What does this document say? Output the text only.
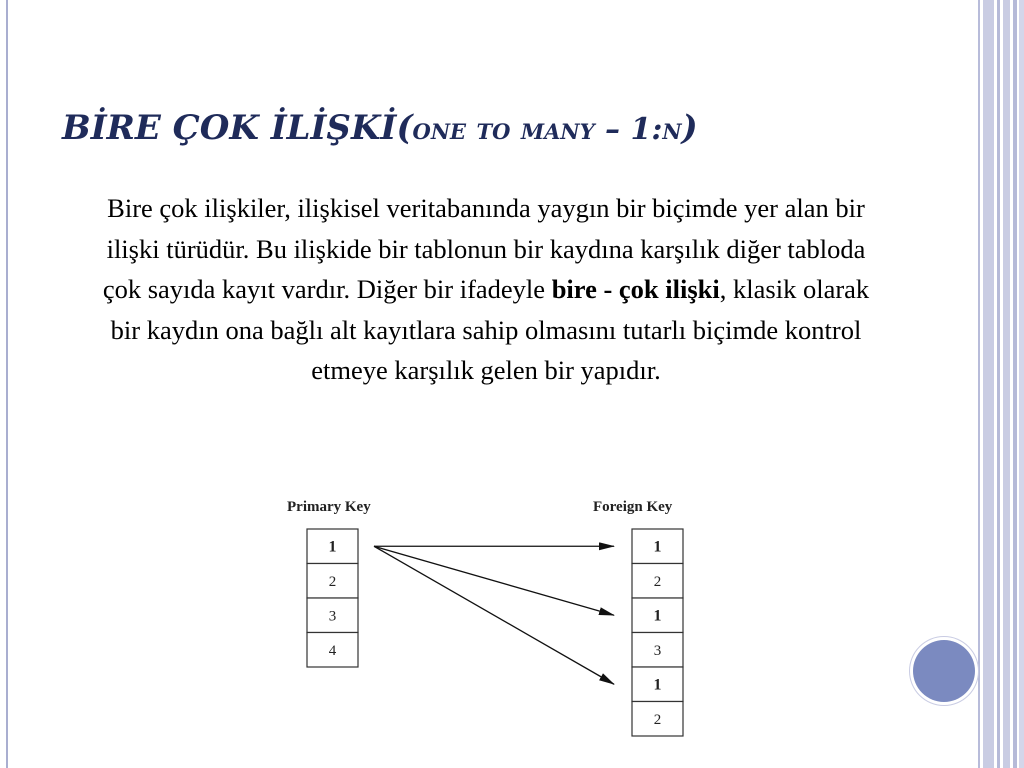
BİRE ÇOK İLİŞKİ(one to many – 1:n)
Bire çok ilişkiler, ilişkisel veritabanında yaygın bir biçimde yer alan bir ilişki türüdür. Bu ilişkide bir tablonun bir kaydına karşılık diğer tabloda çok sayıda kayıt vardır. Diğer bir ifadeyle bire - çok ilişki, klasik olarak bir kaydın ona bağlı alt kayıtlara sahip olmasını tutarlı biçimde kontrol etmeye karşılık gelen bir yapıdır.
1
2
3
4
1
2
1
3
1
2
Primary Key	Foreign Key
